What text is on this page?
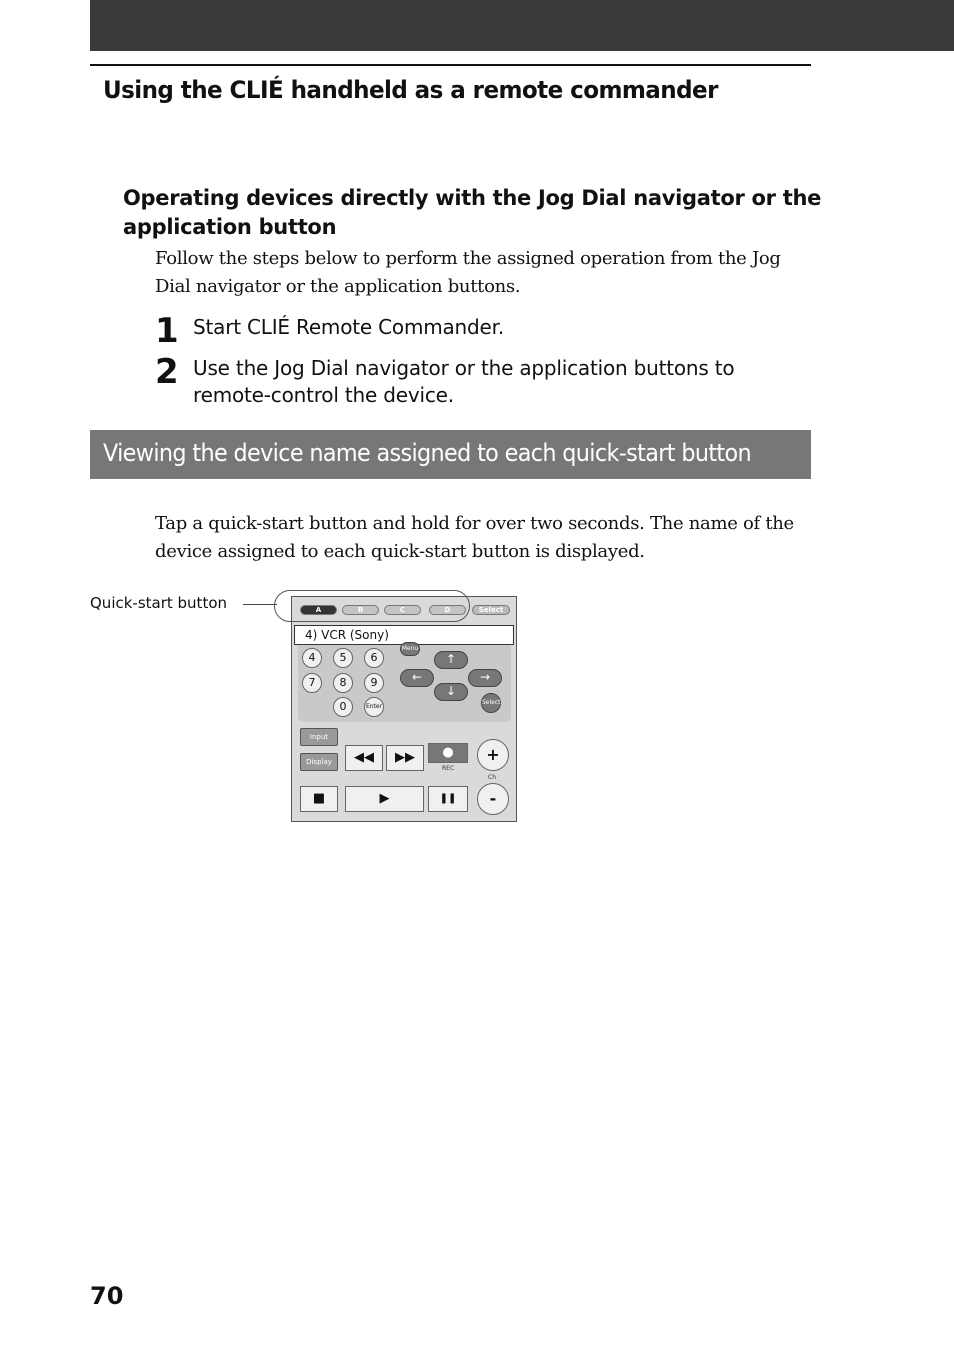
Using the CLIÉ handheld as a remote commander
Operating devices directly with the Jog Dial navigator or the application button
Follow the steps below to perform the assigned operation from the Jog Dial navigator or the application buttons.
1 Start CLIÉ Remote Commander.
2 Use the Jog Dial navigator or the application buttons to remote-control the device.
Viewing the device name assigned to each quick-start button
Tap a quick-start button and hold for over two seconds. The name of the device assigned to each quick-start button is displayed.
Quick-start button	A	B	C	D	Select
4) VCR (Sony)
4	5	6
7	8	9
0	Enter
Menu
↑
←	→
↓
Select
Input
Display	◀◀	▶▶	●
REC
+
Ch
-
■	▶	❚❚
70
